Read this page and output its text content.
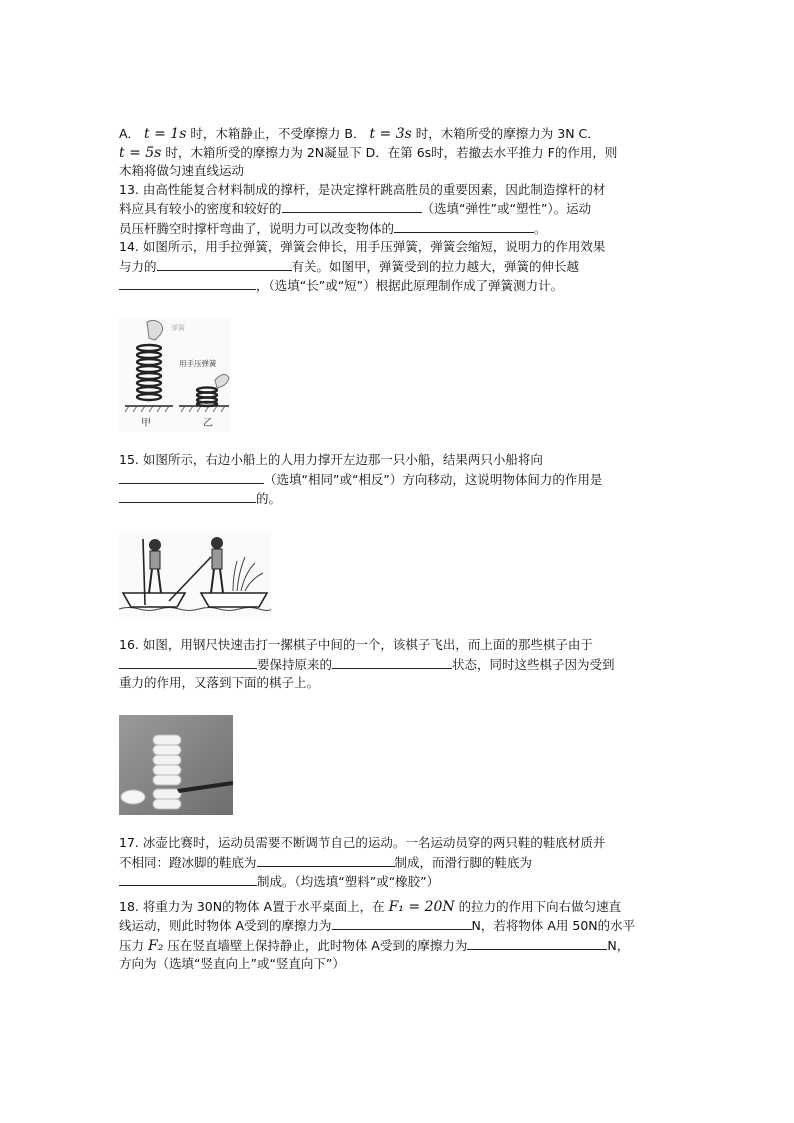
A． t = 1s 时，木箱静止，不受摩擦力 B． t = 3s 时，木箱所受的摩擦力为 3N C．

t = 5s 时，木箱所受的摩擦力为 2N凝显下 D．在第 6s时，若撤去水平推力 F的作用，则

木箱将做匀速直线运动

13. 由高性能复合材料制成的撑杆，是决定撑杆跳高胜员的重要因素，因此制造撑杆的材

料应具有较小的密度和较好的	（选填“弹性”或“塑性”）。运动

员压杆腾空时撑杆弯曲了，说明力可以改变物体的	。

14. 如图所示，用手拉弹簧，弹簧会伸长，用手压弹簧，弹簧会缩短，说明力的作用效果

与力的	有关。如图甲，弹簧受到的拉力越大，弹簧的伸长越

，（选填“长”或“短”）根据此原理制作成了弹簧测力计。

弹簧
用手压弹簧
甲	乙

15. 如图所示，右边小船上的人用力撑开左边那一只小船，结果两只小船将向

（选填“相同”或“相反”）方向移动，这说明物体间力的作用是

的。

16. 如图，用钢尺快速击打一摞棋子中间的一个，该棋子飞出，而上面的那些棋子由于

要保持原来的	状态，同时这些棋子因为受到

重力的作用，又落到下面的棋子上。

17. 冰壶比赛时，运动员需要不断调节自己的运动。一名运动员穿的两只鞋的鞋底材质并

不相同：蹬冰脚的鞋底为	制成，而滑行脚的鞋底为

制成。（均选填“塑料”或“橡胶”）

18. 将重力为 30N的物体 A置于水平桌面上，在 F₁ = 20N 的拉力的作用下向右做匀速直

线运动，则此时物体 A受到的摩擦力为	N，若将物体 A用 50N的水平

压力 F₂ 压在竖直墙壁上保持静止，此时物体 A受到的摩擦力为	N，

方向为（选填“竖直向上”或“竖直向下”）
